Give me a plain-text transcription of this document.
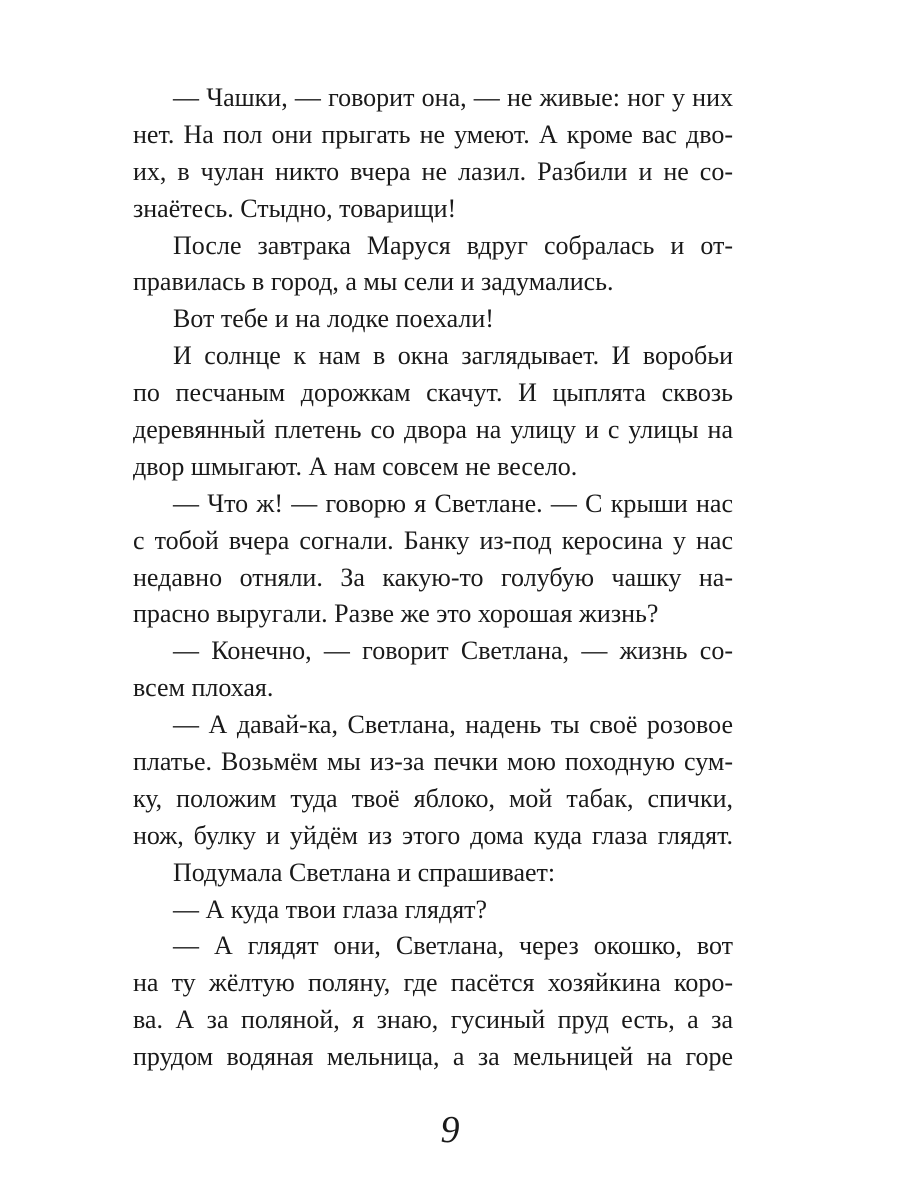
— Чашки, — говорит она, — не живые: ног у них
нет. На пол они прыгать не умеют. А кроме вас дво-
их, в чулан никто вчера не лазил. Разбили и не со-
знаётесь. Стыдно, товарищи!
После завтрака Маруся вдруг собралась и от-
правилась в город, а мы сели и задумались.
Вот тебе и на лодке поехали!
И солнце к нам в окна заглядывает. И воробьи
по песчаным дорожкам скачут. И цыплята сквозь
деревянный плетень со двора на улицу и с улицы на
двор шмыгают. А нам совсем не весело.
— Что ж! — говорю я Светлане. — С крыши нас
с тобой вчера согнали. Банку из-под керосина у нас
недавно отняли. За какую-то голубую чашку на-
прасно выругали. Разве же это хорошая жизнь?
— Конечно, — говорит Светлана, — жизнь со-
всем плохая.
— А давай-ка, Светлана, надень ты своё розовое
платье. Возьмём мы из-за печки мою походную сум-
ку, положим туда твоё яблоко, мой табак, спички,
нож, булку и уйдём из этого дома куда глаза глядят.
Подумала Светлана и спрашивает:
— А куда твои глаза глядят?
— А глядят они, Светлана, через окошко, вот
на ту жёлтую поляну, где пасётся хозяйкина коро-
ва. А за поляной, я знаю, гусиный пруд есть, а за
прудом водяная мельница, а за мельницей на горе
9
